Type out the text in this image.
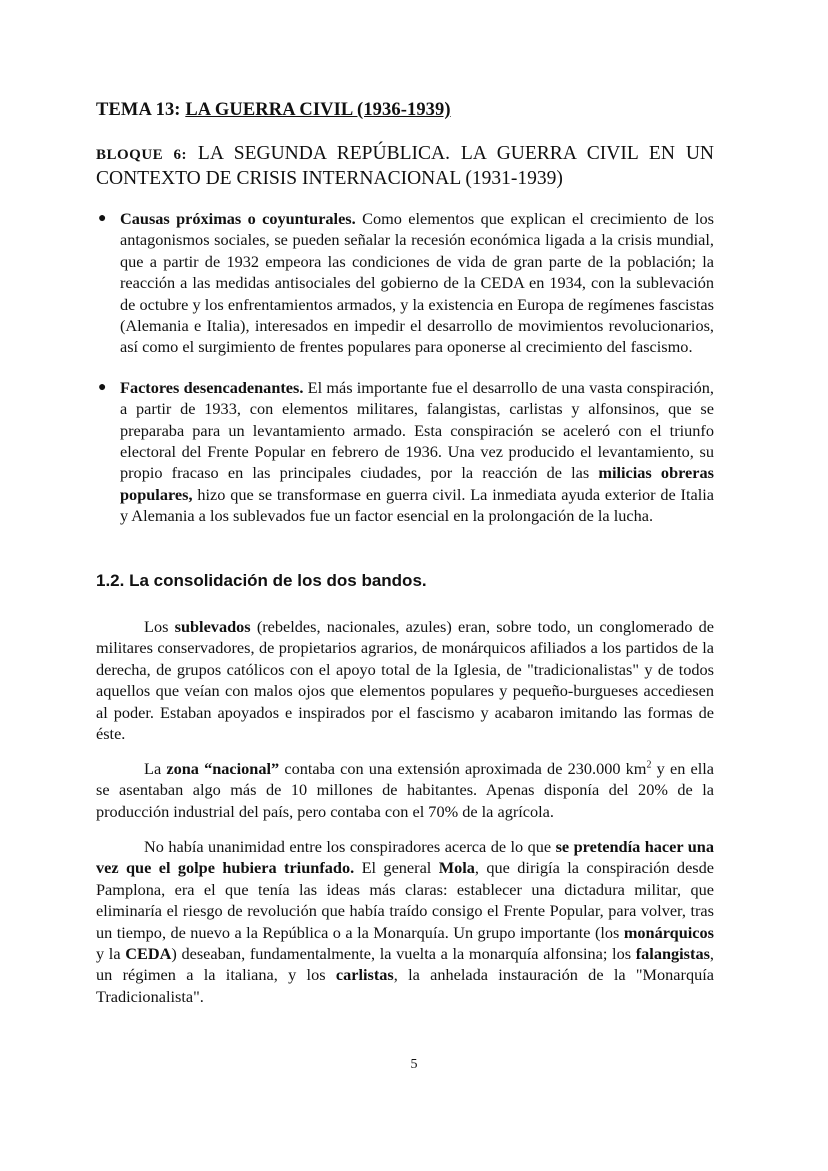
TEMA 13: LA GUERRA CIVIL (1936-1939)
BLOQUE 6: LA SEGUNDA REPÚBLICA. LA GUERRA CIVIL EN UN CONTEXTO DE CRISIS INTERNACIONAL (1931-1939)
● Causas próximas o coyunturales. Como elementos que explican el crecimiento de los antagonismos sociales, se pueden señalar la recesión económica ligada a la crisis mundial, que a partir de 1932 empeora las condiciones de vida de gran parte de la población; la reacción a las medidas antisociales del gobierno de la CEDA en 1934, con la sublevación de octubre y los enfrentamientos armados, y la existencia en Europa de regímenes fascistas (Alemania e Italia), interesados en impedir el desarrollo de movimientos revolucionarios, así como el surgimiento de frentes populares para oponerse al crecimiento del fascismo.
● Factores desencadenantes. El más importante fue el desarrollo de una vasta conspiración, a partir de 1933, con elementos militares, falangistas, carlistas y alfonsinos, que se preparaba para un levantamiento armado. Esta conspiración se aceleró con el triunfo electoral del Frente Popular en febrero de 1936. Una vez producido el levantamiento, su propio fracaso en las principales ciudades, por la reacción de las milicias obreras populares, hizo que se transformase en guerra civil. La inmediata ayuda exterior de Italia y Alemania a los sublevados fue un factor esencial en la prolongación de la lucha.
1.2. La consolidación de los dos bandos.

Los sublevados (rebeldes, nacionales, azules) eran, sobre todo, un conglomerado de militares conservadores, de propietarios agrarios, de monárquicos afiliados a los partidos de la derecha, de grupos católicos con el apoyo total de la Iglesia, de "tradicionalistas" y de todos aquellos que veían con malos ojos que elementos populares y pequeño-burgueses accediesen al poder. Estaban apoyados e inspirados por el fascismo y acabaron imitando las formas de éste.

La zona “nacional” contaba con una extensión aproximada de 230.000 $km^2$ y en ella se asentaban algo más de 10 millones de habitantes. Apenas disponía del 20% de la producción industrial del país, pero contaba con el 70% de la agrícola.

No había unanimidad entre los conspiradores acerca de lo que se pretendía hacer una vez que el golpe hubiera triunfado. El general Mola, que dirigía la conspiración desde Pamplona, era el que tenía las ideas más claras: establecer una dictadura militar, que eliminaría el riesgo de revolución que había traído consigo el Frente Popular, para volver, tras un tiempo, de nuevo a la República o a la Monarquía. Un grupo importante (los monárquicos y la CEDA) deseaban, fundamentalmente, la vuelta a la monarquía alfonsina; los falangistas, un régimen a la italiana, y los carlistas, la anhelada instauración de la "Monarquía Tradicionalista".

5
